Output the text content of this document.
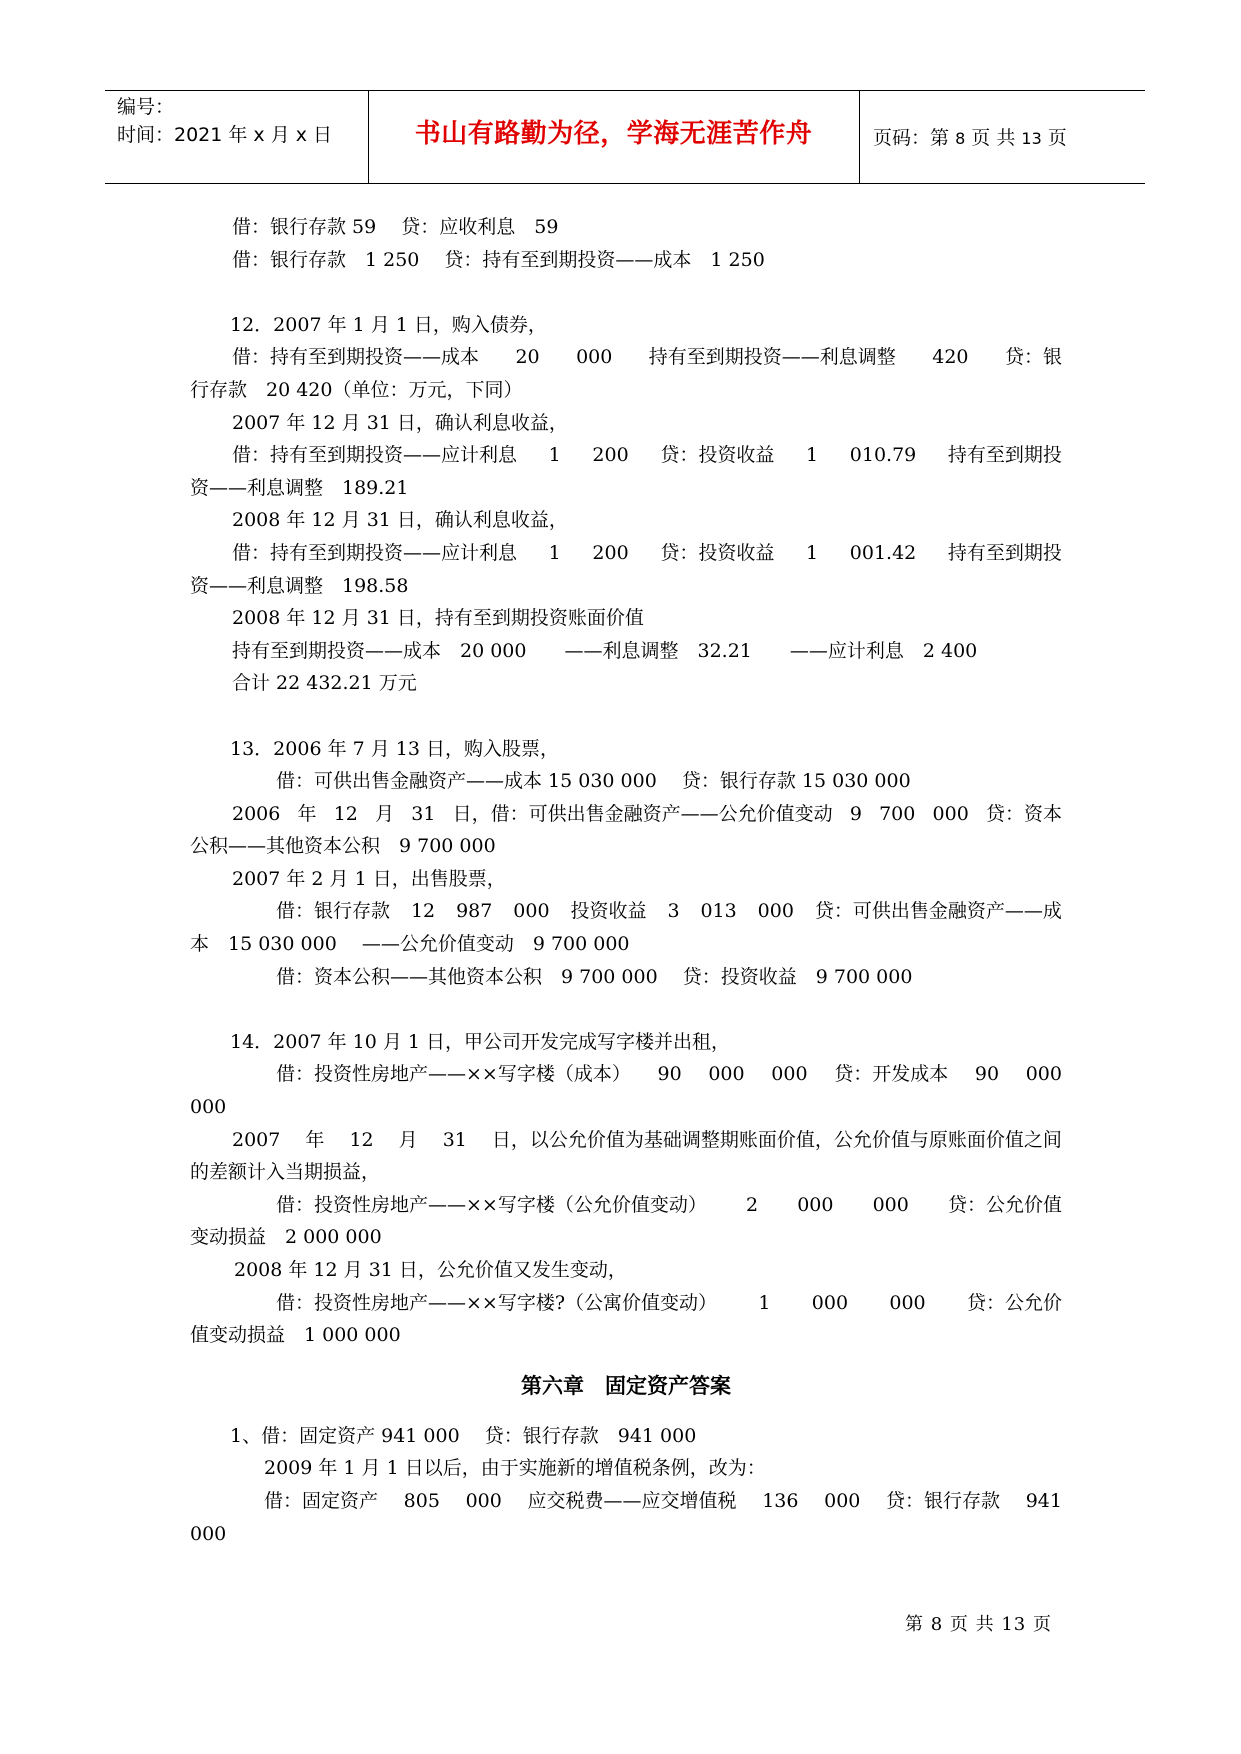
编号：
时间：2021 年 x 月 x 日	书山有路勤为径，学海无涯苦作舟	页码：第 8 页 共 13 页
借：银行存款 59　 贷：应收利息　59
借：银行存款　1 250　 贷：持有至到期投资——成本　1 250
12．2007 年 1 月 1 日，购入债券，
借：持有至到期投资——成本 20 000 持有至到期投资——利息调整 420 贷：银
行存款　20 420（单位：万元，下同）
2007 年 12 月 31 日，确认利息收益，
借：持有至到期投资——应计利息 1 200 贷：投资收益 1 010.79 持有至到期投
资——利息调整　189.21
2008 年 12 月 31 日，确认利息收益，
借：持有至到期投资——应计利息 1 200 贷：投资收益 1 001.42 持有至到期投
资——利息调整　198.58
2008 年 12 月 31 日，持有至到期投资账面价值
持有至到期投资——成本　20 000　　——利息调整　32.21　　——应计利息　2 400
合计 22 432.21 万元
13．2006 年 7 月 13 日，购入股票，
借：可供出售金融资产——成本 15 030 000　 贷：银行存款 15 030 000
2006 年 12 月 31 日，借：可供出售金融资产——公允价值变动 9 700 000 贷：资本
公积——其他资本公积　9 700 000
2007 年 2 月 1 日，出售股票，
借：银行存款 12 987 000 投资收益 3 013 000 贷：可供出售金融资产——成
本　15 030 000　 ——公允价值变动　9 700 000
借：资本公积——其他资本公积　9 700 000　 贷：投资收益　9 700 000
14．2007 年 10 月 1 日，甲公司开发完成写字楼并出租，
借：投资性房地产——××写字楼（成本） 90 000 000 贷：开发成本 90 000
000
2007 年 12 月 31 日，以公允价值为基础调整期账面价值，公允价值与原账面价值之间
的差额计入当期损益，
借：投资性房地产——××写字楼（公允价值变动） 2 000 000 贷：公允价值
变动损益　2 000 000
2008 年 12 月 31 日，公允价值又发生变动，
借：投资性房地产——××写字楼?（公寓价值变动） 1 000 000 贷：公允价
值变动损益　1 000 000
第六章　固定资产答案
1、借：固定资产 941 000　 贷：银行存款　941 000
2009 年 1 月 1 日以后，由于实施新的增值税条例，改为：
借：固定资产 805 000 应交税费——应交增值税 136 000 贷：银行存款 941
000
第 8 页 共 13 页
